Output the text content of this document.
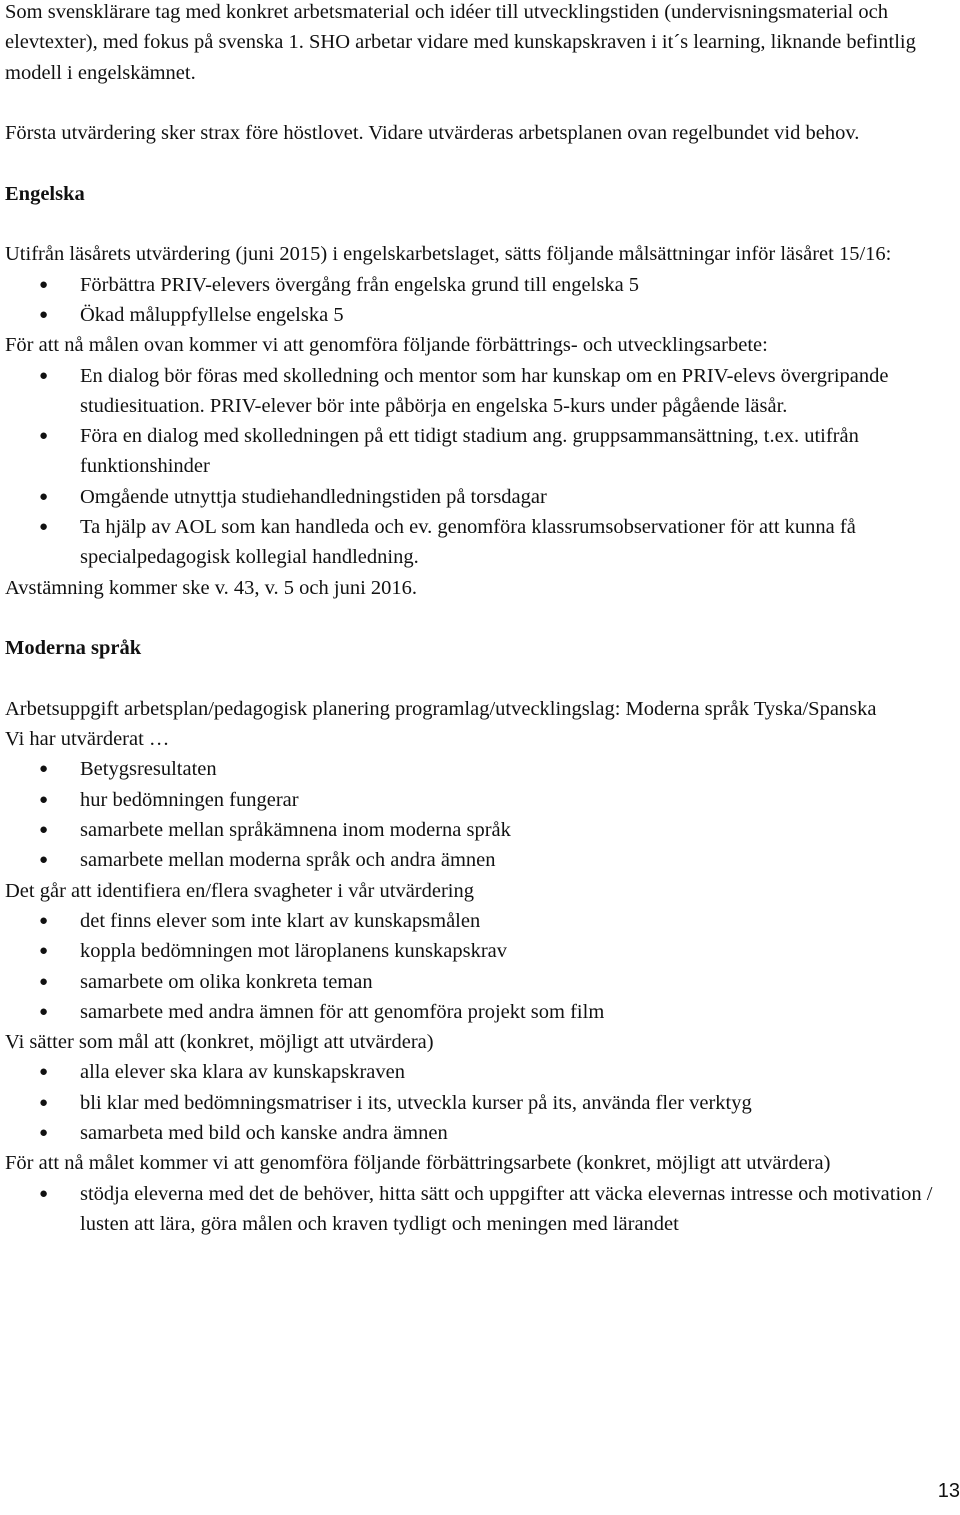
Som svensklärare tag med konkret arbetsmaterial och idéer till utvecklingstiden (undervisningsmaterial och elevtexter), med fokus på svenska 1. SHO arbetar vidare med kunskapskraven i it´s learning, liknande befintlig modell i engelskämnet.

Första utvärdering sker strax före höstlovet. Vidare utvärderas arbetsplanen ovan regelbundet vid behov.

Engelska

Utifrån läsårets utvärdering (juni 2015) i engelskarbetslaget, sätts följande målsättningar inför läsåret 15/16:

● Förbättra PRIV-elevers övergång från engelska grund till engelska 5
● Ökad måluppfyllelse engelska 5

För att nå målen ovan kommer vi att genomföra följande förbättrings- och utvecklingsarbete:

● En dialog bör föras med skolledning och mentor som har kunskap om en PRIV-elevs övergripande studiesituation. PRIV-elever bör inte påbörja en engelska 5-kurs under pågående läsår.
● Föra en dialog med skolledningen på ett tidigt stadium ang. gruppsammansättning, t.ex. utifrån funktionshinder
● Omgående utnyttja studiehandledningstiden på torsdagar
● Ta hjälp av AOL som kan handleda och ev. genomföra klassrumsobservationer för att kunna få specialpedagogisk kollegial handledning.

Avstämning kommer ske v. 43, v. 5 och juni 2016.

Moderna språk

Arbetsuppgift arbetsplan/pedagogisk planering programlag/utvecklingslag: Moderna språk Tyska/Spanska

Vi har utvärderat …

● Betygsresultaten
● hur bedömningen fungerar
● samarbete mellan språkämnena inom moderna språk
● samarbete mellan moderna språk och andra ämnen

Det går att identifiera en/flera svagheter i vår utvärdering

● det finns elever som inte klart av kunskapsmålen
● koppla bedömningen mot läroplanens kunskapskrav
● samarbete om olika konkreta teman
● samarbete med andra ämnen för att genomföra projekt som film

Vi sätter som mål att (konkret, möjligt att utvärdera)

● alla elever ska klara av kunskapskraven
● bli klar med bedömningsmatriser i its, utveckla kurser på its, använda fler verktyg
● samarbeta med bild och kanske andra ämnen

För att nå målet kommer vi att genomföra följande förbättringsarbete (konkret, möjligt att utvärdera)

● stödja eleverna med det de behöver, hitta sätt och uppgifter att väcka elevernas intresse och motivation / lusten att lära, göra målen och kraven tydligt och meningen med lärandet
13
